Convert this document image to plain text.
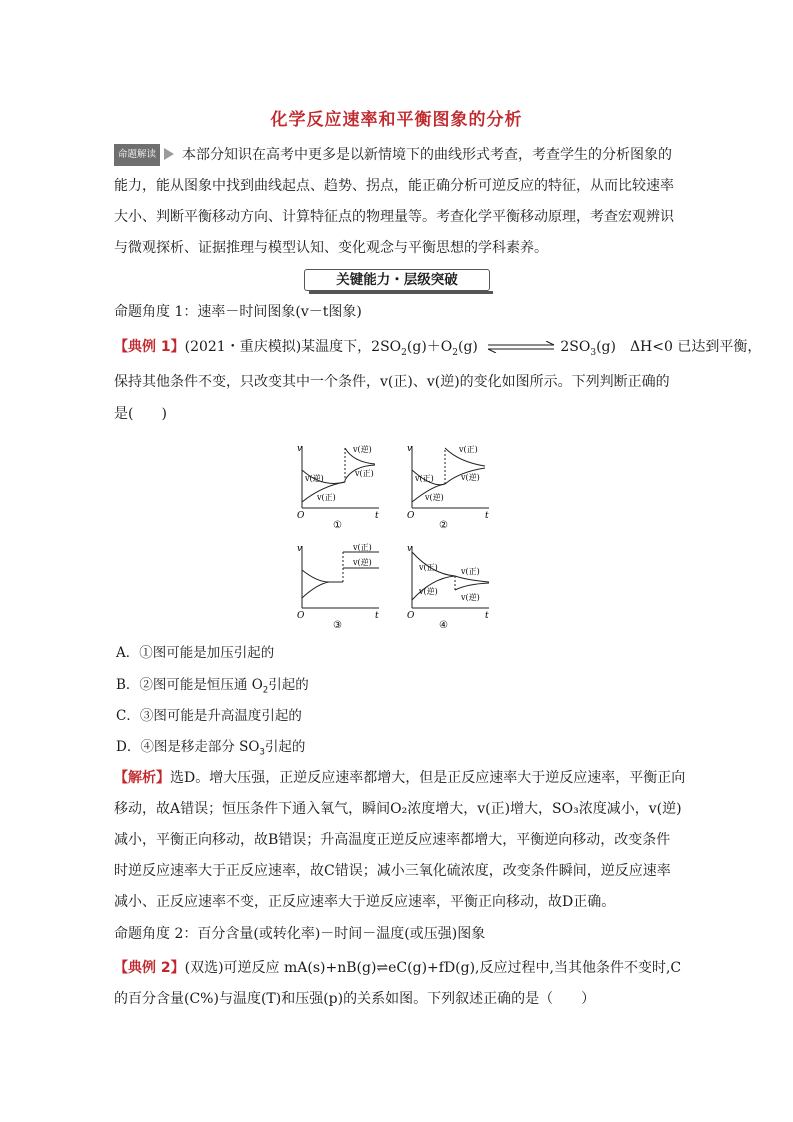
化学反应速率和平衡图象的分析
命题解读 本部分知识在高考中更多是以新情境下的曲线形式考查，考查学生的分析图象的
能力，能从图象中找到曲线起点、趋势、拐点，能正确分析可逆反应的特征，从而比较速率
大小、判断平衡移动方向、计算特征点的物理量等。考查化学平衡移动原理，考查宏观辨识
与微观探析、证据推理与模型认知、变化观念与平衡思想的学科素养。
关键能力・层级突破
命题角度 1：速率－时间图象(v－t图象)
【典例 1】(2021・重庆模拟)某温度下，$2SO_2(g)+O_2(g)$	$2SO_3(g)$　ΔH<0 已达到平衡，
保持其他条件不变，只改变其中一个条件，v(正)、v(逆)的变化如图所示。下列判断正确的
是(　　)
v
O	t
v(逆)
v(正)
v(逆)
v(正)
①
v
O	t
v(正)
v(逆)
v(正)
v(逆)
②
v
O	t
v(正)
v(逆)
③
v
O	t
v(正)
v(逆)
v(正)
v(逆)
④
A．①图可能是加压引起的
B．②图可能是恒压通 $O_2$引起的
C．③图可能是升高温度引起的
D．④图是移走部分 $SO_3$引起的
【解析】选D。增大压强，正逆反应速率都增大，但是正反应速率大于逆反应速率，平衡正向
移动，故A错误；恒压条件下通入氧气，瞬间O₂浓度增大，v(正)增大，SO₃浓度减小，v(逆)
减小，平衡正向移动，故B错误；升高温度正逆反应速率都增大，平衡逆向移动，改变条件
时逆反应速率大于正反应速率，故C错误；减小三氧化硫浓度，改变条件瞬间，逆反应速率
减小、正反应速率不变，正反应速率大于逆反应速率，平衡正向移动，故D正确。
命题角度 2：百分含量(或转化率)－时间－温度(或压强)图象
【典例 2】(双选)可逆反应 mA(s)+nB(g)⇌eC(g)+fD(g),反应过程中,当其他条件不变时,C
的百分含量(C%)与温度(T)和压强(p)的关系如图。下列叙述正确的是（　　）
